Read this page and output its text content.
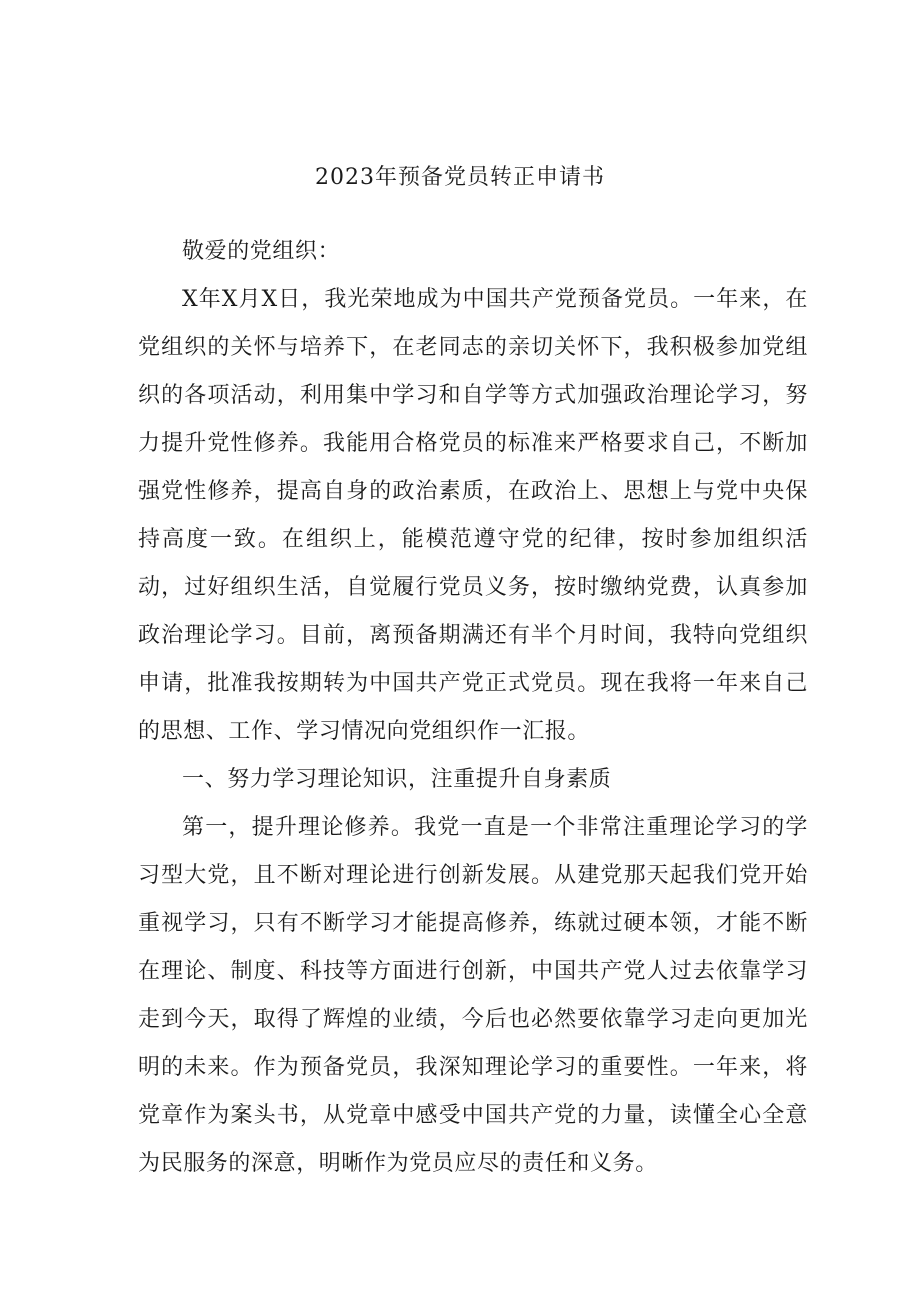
2023年预备党员转正申请书

敬爱的党组织：

X年X月X日，我光荣地成为中国共产党预备党员。一年来，在党组织的关怀与培养下，在老同志的亲切关怀下，我积极参加党组织的各项活动，利用集中学习和自学等方式加强政治理论学习，努力提升党性修养。我能用合格党员的标准来严格要求自己，不断加强党性修养，提高自身的政治素质，在政治上、思想上与党中央保持高度一致。在组织上，能模范遵守党的纪律，按时参加组织活动，过好组织生活，自觉履行党员义务，按时缴纳党费，认真参加政治理论学习。目前，离预备期满还有半个月时间，我特向党组织申请，批准我按期转为中国共产党正式党员。现在我将一年来自己的思想、工作、学习情况向党组织作一汇报。

一、努力学习理论知识，注重提升自身素质

第一，提升理论修养。我党一直是一个非常注重理论学习的学习型大党，且不断对理论进行创新发展。从建党那天起我们党开始重视学习，只有不断学习才能提高修养，练就过硬本领，才能不断在理论、制度、科技等方面进行创新，中国共产党人过去依靠学习走到今天，取得了辉煌的业绩，今后也必然要依靠学习走向更加光明的未来。作为预备党员，我深知理论学习的重要性。一年来，将党章作为案头书，从党章中感受中国共产党的力量，读懂全心全意为民服务的深意，明晰作为党员应尽的责任和义务。
